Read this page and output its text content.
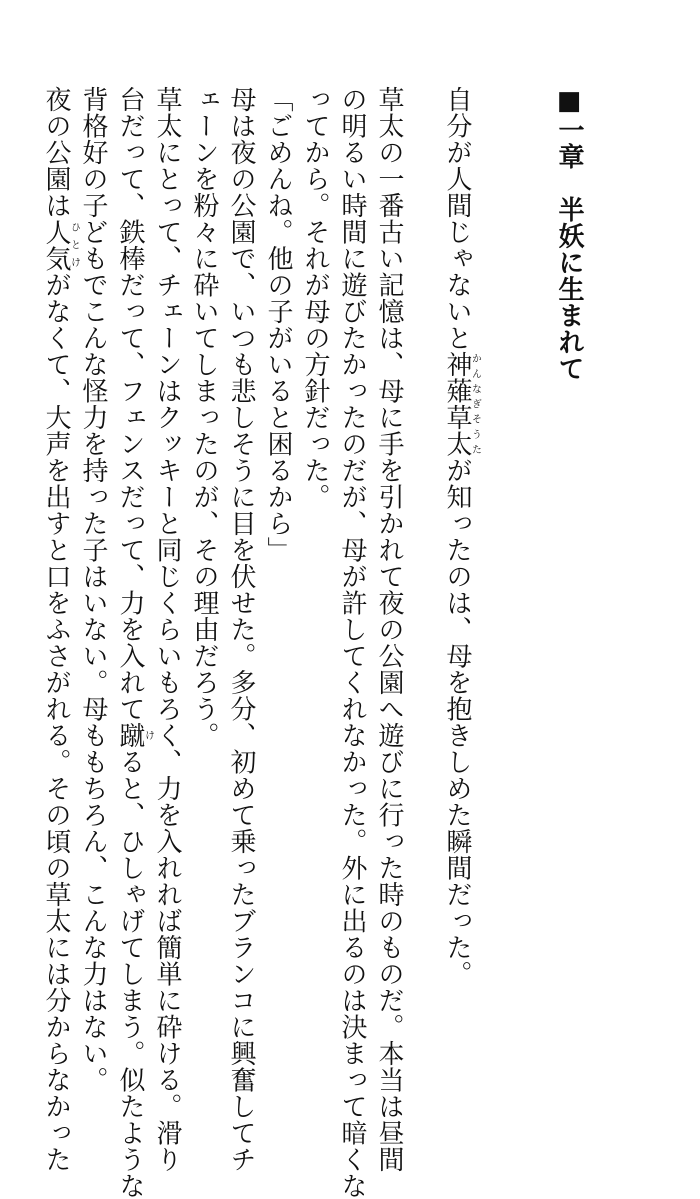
■一章　半妖に生まれて
自分が人間じゃないと神薙草太かんなぎそうたが知ったのは、母を抱きしめた瞬間だった。
草太の一番古い記憶は、母に手を引かれて夜の公園へ遊びに行った時のものだ。本当は昼間
の明るい時間に遊びたかったのだが、母が許してくれなかった。外に出るのは決まって暗くな
ってから。それが母の方針だった。
「ごめんね。他の子がいると困るから」
母は夜の公園で、いつも悲しそうに目を伏せた。多分、初めて乗ったブランコに興奮してチ
ェーンを粉々に砕いてしまったのが、その理由だろう。
草太にとって、チェーンはクッキーと同じくらいもろく、力を入れれば簡単に砕ける。滑り
台だって、鉄棒だって、フェンスだって、力を入れて蹴けると、ひしゃげてしまう。似たような
背格好の子どもでこんな怪力を持った子はいない。母ももちろん、こんな力はない。
夜の公園は人気ひとけがなくて、大声を出すと口をふさがれる。その頃の草太には分からなかった
